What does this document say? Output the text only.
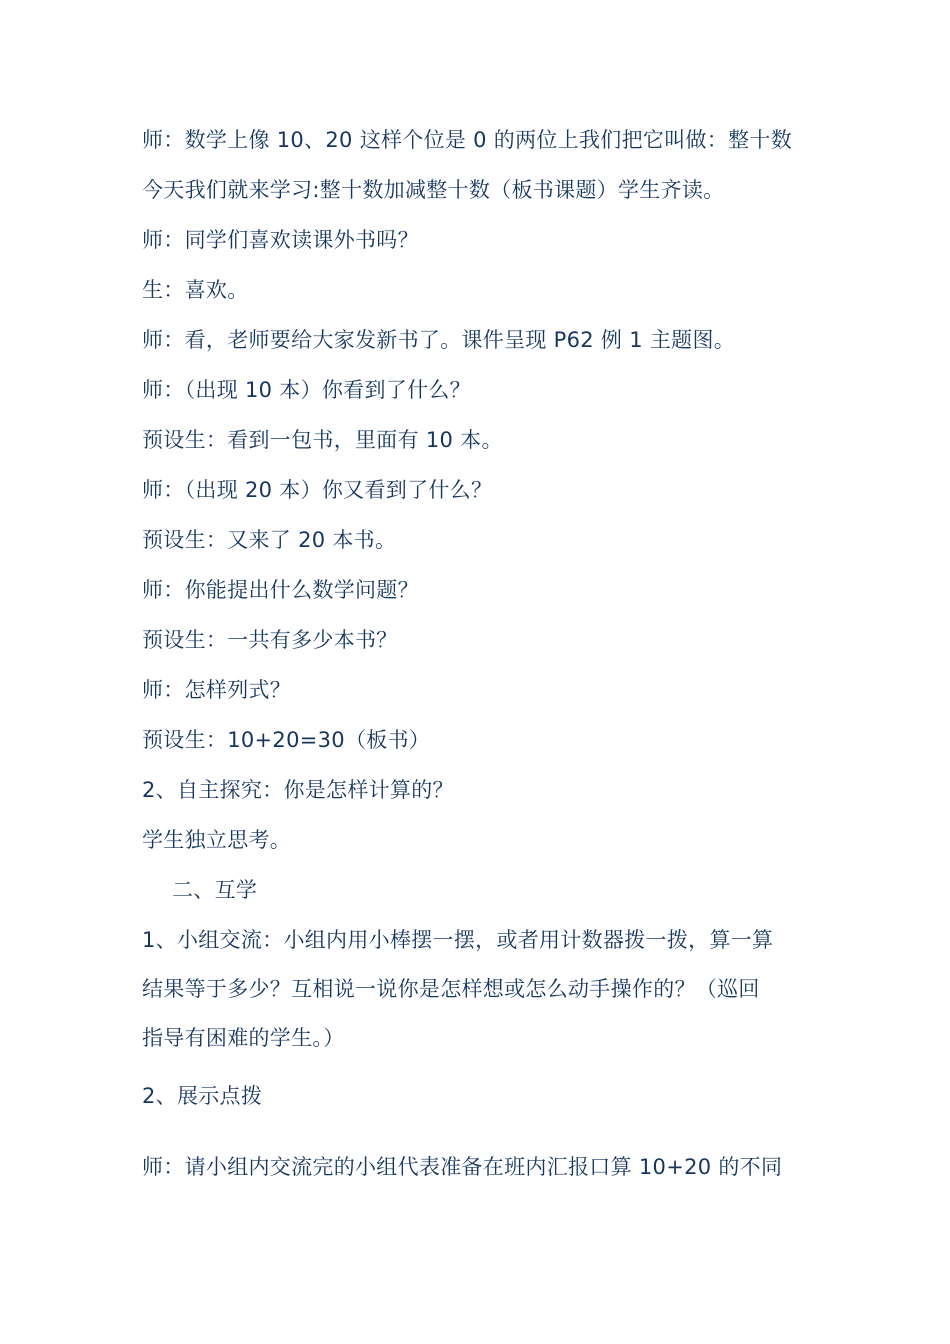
师：数学上像 10、20 这样个位是 0 的两位上我们把它叫做：整十数
今天我们就来学习:整十数加减整十数（板书课题）学生齐读。
师：同学们喜欢读课外书吗？
生：喜欢。
师：看，老师要给大家发新书了。课件呈现 P62 例 1 主题图。
师：（出现 10 本）你看到了什么？
预设生：看到一包书，里面有 10 本。
师：（出现 20 本）你又看到了什么？
预设生：又来了 20 本书。
师：你能提出什么数学问题？
预设生：一共有多少本书？
师：怎样列式？
预设生：10+20=30（板书）
2、自主探究：你是怎样计算的？
学生独立思考。
二、互学
1、小组交流：小组内用小棒摆一摆，或者用计数器拨一拨，算一算
结果等于多少？互相说一说你是怎样想或怎么动手操作的？（巡回
指导有困难的学生。）
2、展示点拨
师：请小组内交流完的小组代表准备在班内汇报口算 10+20 的不同
